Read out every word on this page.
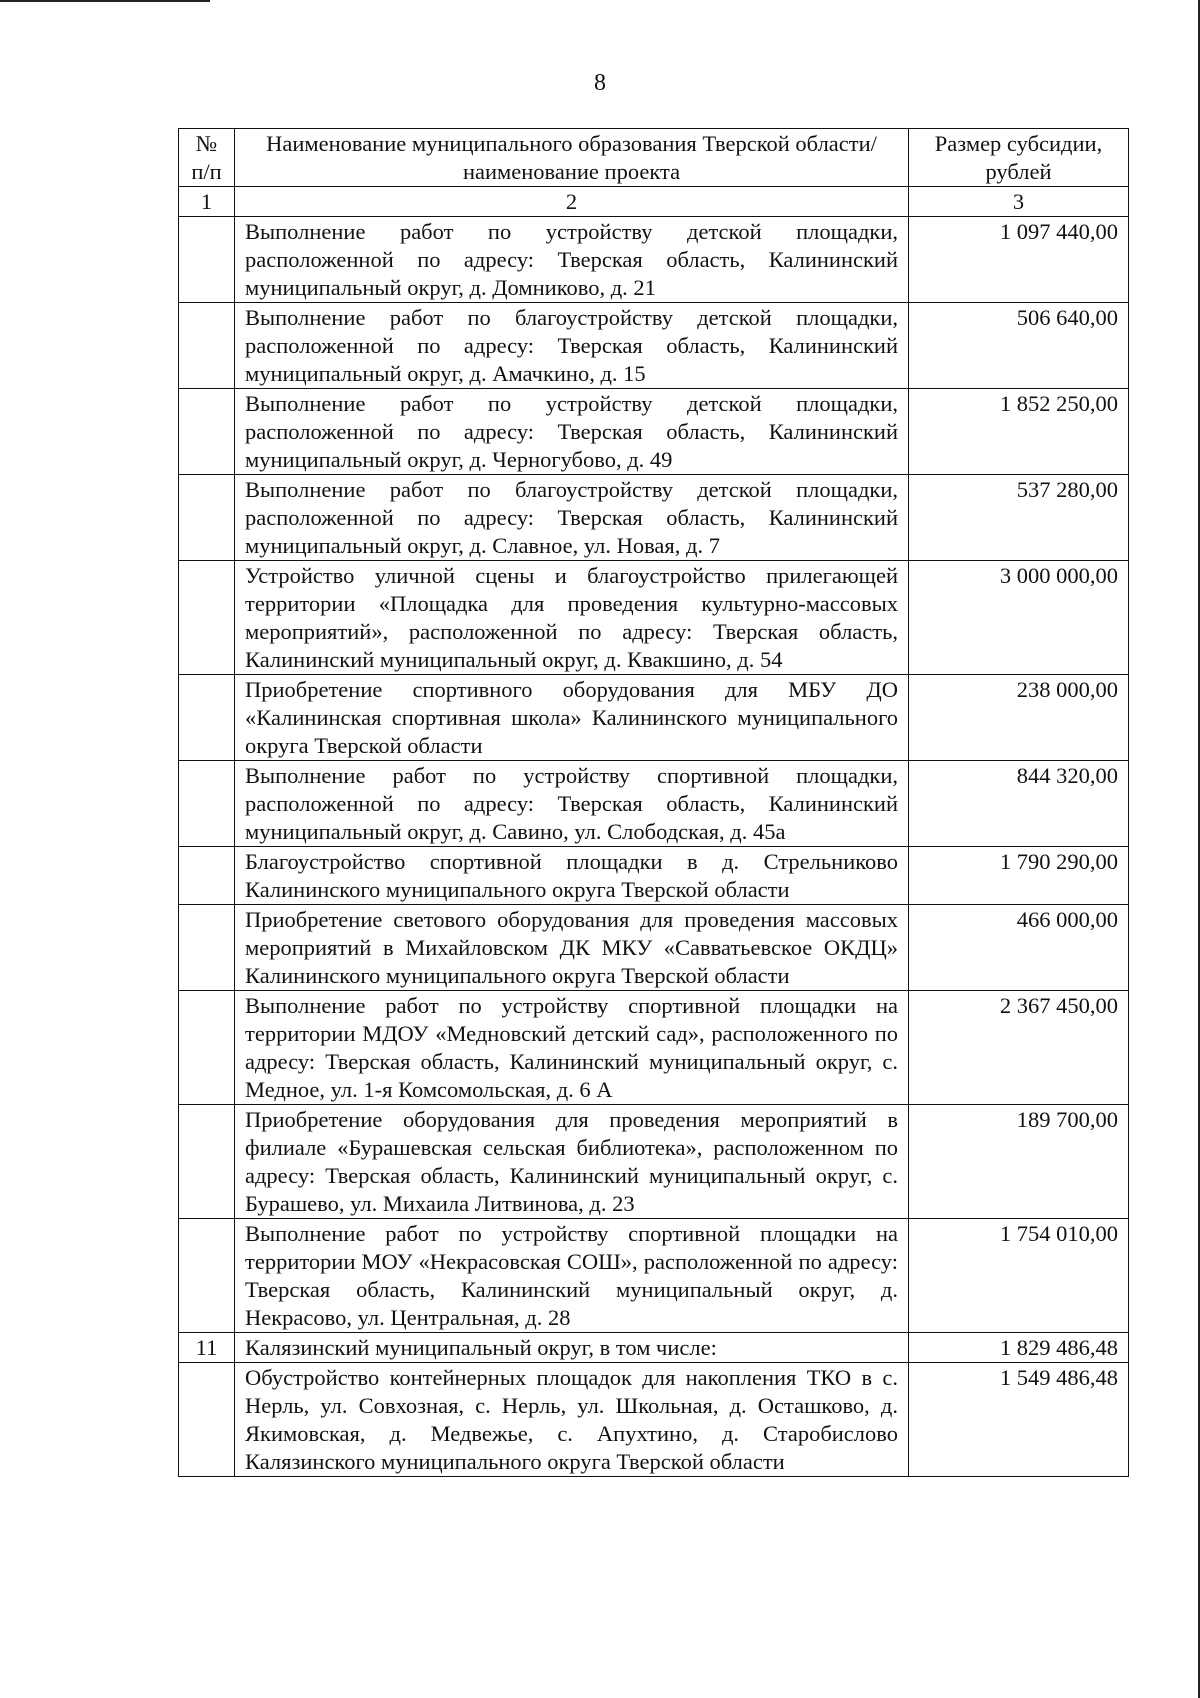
8
№ п/п	Наименование муниципального образования Тверской области/наименование проекта	Размер субсидии, рублей
1	2	3
	Выполнение работ по устройству детской площадки, расположенной по адресу: Тверская область, Калининский муниципальный округ, д. Домниково, д. 21	1 097 440,00
	Выполнение работ по благоустройству детской площадки, расположенной по адресу: Тверская область, Калининский муниципальный округ, д. Амачкино, д. 15	506 640,00
	Выполнение работ по устройству детской площадки, расположенной по адресу: Тверская область, Калининский муниципальный округ, д. Черногубово, д. 49	1 852 250,00
	Выполнение работ по благоустройству детской площадки, расположенной по адресу: Тверская область, Калининский муниципальный округ, д. Славное, ул. Новая, д. 7	537 280,00
	Устройство уличной сцены и благоустройство прилегающей территории «Площадка для проведения культурно-массовых мероприятий», расположенной по адресу: Тверская область, Калининский муниципальный округ, д. Квакшино, д. 54	3 000 000,00
	Приобретение спортивного оборудования для МБУ ДО «Калининская спортивная школа» Калининского муниципального округа Тверской области	238 000,00
	Выполнение работ по устройству спортивной площадки, расположенной по адресу: Тверская область, Калининский муниципальный округ, д. Савино, ул. Слободская, д. 45а	844 320,00
	Благоустройство спортивной площадки в д. Стрельниково Калининского муниципального округа Тверской области	1 790 290,00
	Приобретение светового оборудования для проведения массовых мероприятий в Михайловском ДК МКУ «Савватьевское ОКДЦ» Калининского муниципального округа Тверской области	466 000,00
	Выполнение работ по устройству спортивной площадки на территории МДОУ «Медновский детский сад», расположенного по адресу: Тверская область, Калининский муниципальный округ, с. Медное, ул. 1-я Комсомольская, д. 6 А	2 367 450,00
	Приобретение оборудования для проведения мероприятий в филиале «Бурашевская сельская библиотека», расположенном по адресу: Тверская область, Калининский муниципальный округ, с. Бурашево, ул. Михаила Литвинова, д. 23	189 700,00
	Выполнение работ по устройству спортивной площадки на территории МОУ «Некрасовская СОШ», расположенной по адресу: Тверская область, Калининский муниципальный округ, д. Некрасово, ул. Центральная, д. 28	1 754 010,00
11	Калязинский муниципальный округ, в том числе:	1 829 486,48
	Обустройство контейнерных площадок для накопления ТКО в с. Нерль, ул. Совхозная, с. Нерль, ул. Школьная, д. Осташково, д. Якимовская, д. Медвежье, с. Апухтино, д. Старобислово Калязинского муниципального округа Тверской области	1 549 486,48
